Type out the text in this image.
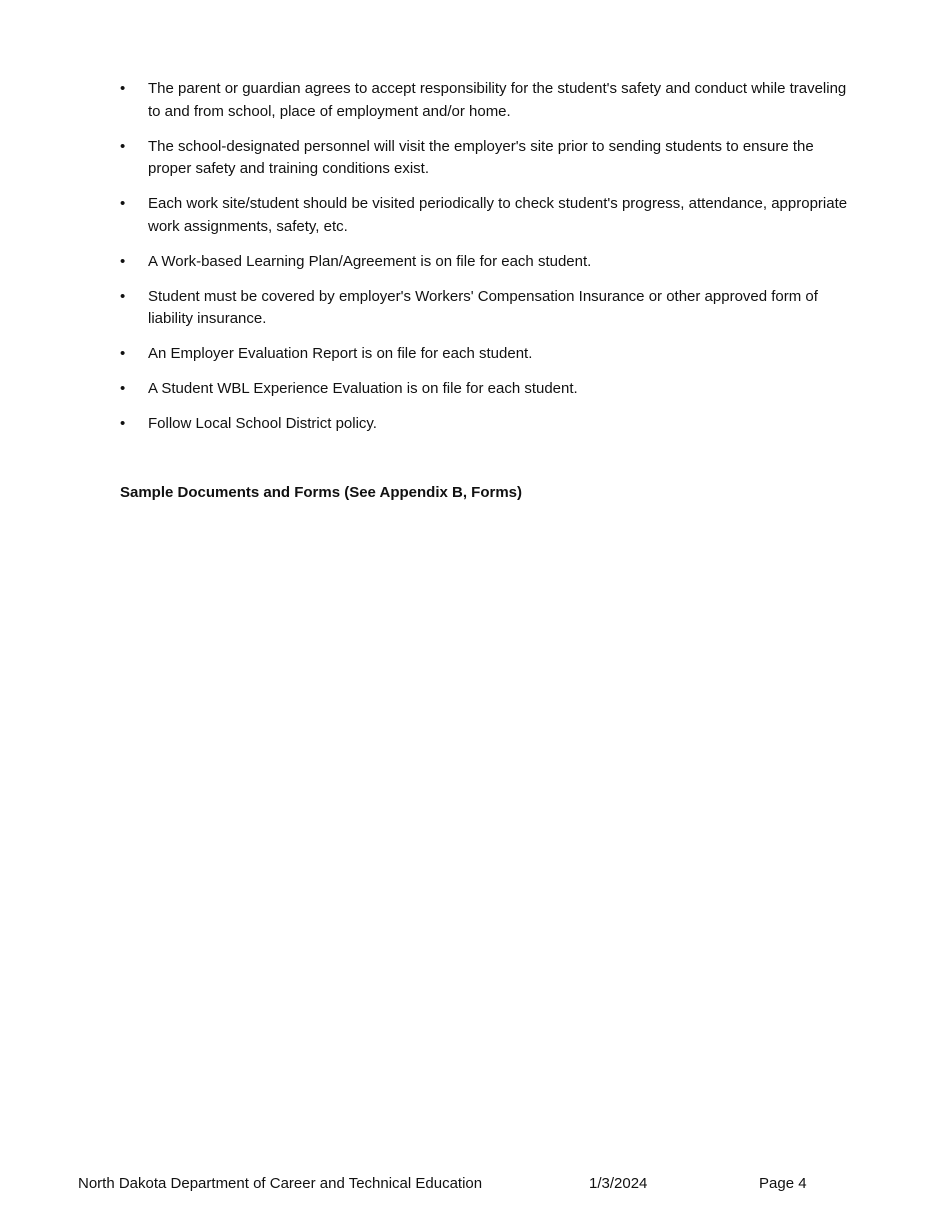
• The parent or guardian agrees to accept responsibility for the student's safety and conduct while traveling to and from school, place of employment and/or home.
• The school-designated personnel will visit the employer's site prior to sending students to ensure the proper safety and training conditions exist.
• Each work site/student should be visited periodically to check student's progress, attendance, appropriate work assignments, safety, etc.
• A Work-based Learning Plan/Agreement is on file for each student.
• Student must be covered by employer's Workers' Compensation Insurance or other approved form of liability insurance.
• An Employer Evaluation Report is on file for each student.
• A Student WBL Experience Evaluation is on file for each student.
• Follow Local School District policy.
Sample Documents and Forms (See Appendix B, Forms)
North Dakota Department of Career and Technical Education	1/3/2024	Page 4
